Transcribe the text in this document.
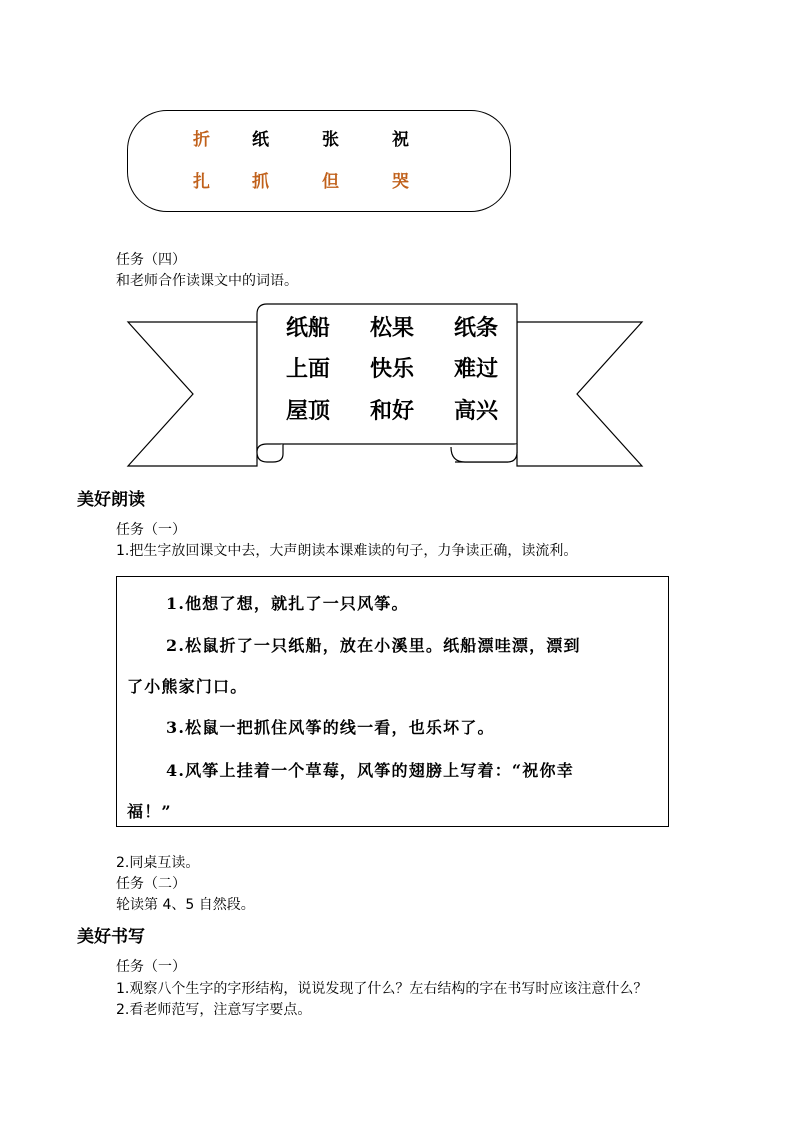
折 纸	张	祝
扎 抓	但	哭
任务（四）
和老师合作读课文中的词语。
纸船 松果 纸条
上面 快乐 难过
屋顶 和好 高兴
美好朗读
任务（一）
1.把生字放回课文中去，大声朗读本课难读的句子，力争读正确，读流利。
1.他想了想，就扎了一只风筝。
2.松鼠折了一只纸船，放在小溪里。纸船漂哇漂，漂到
了小熊家门口。
3.松鼠一把抓住风筝的线一看，也乐坏了。
4.风筝上挂着一个草莓，风筝的翅膀上写着：“祝你幸
福！”
2.同桌互读。
任务（二）
轮读第 4、5 自然段。
美好书写
任务（一）
1.观察八个生字的字形结构，说说发现了什么？左右结构的字在书写时应该注意什么？
2.看老师范写，注意写字要点。
